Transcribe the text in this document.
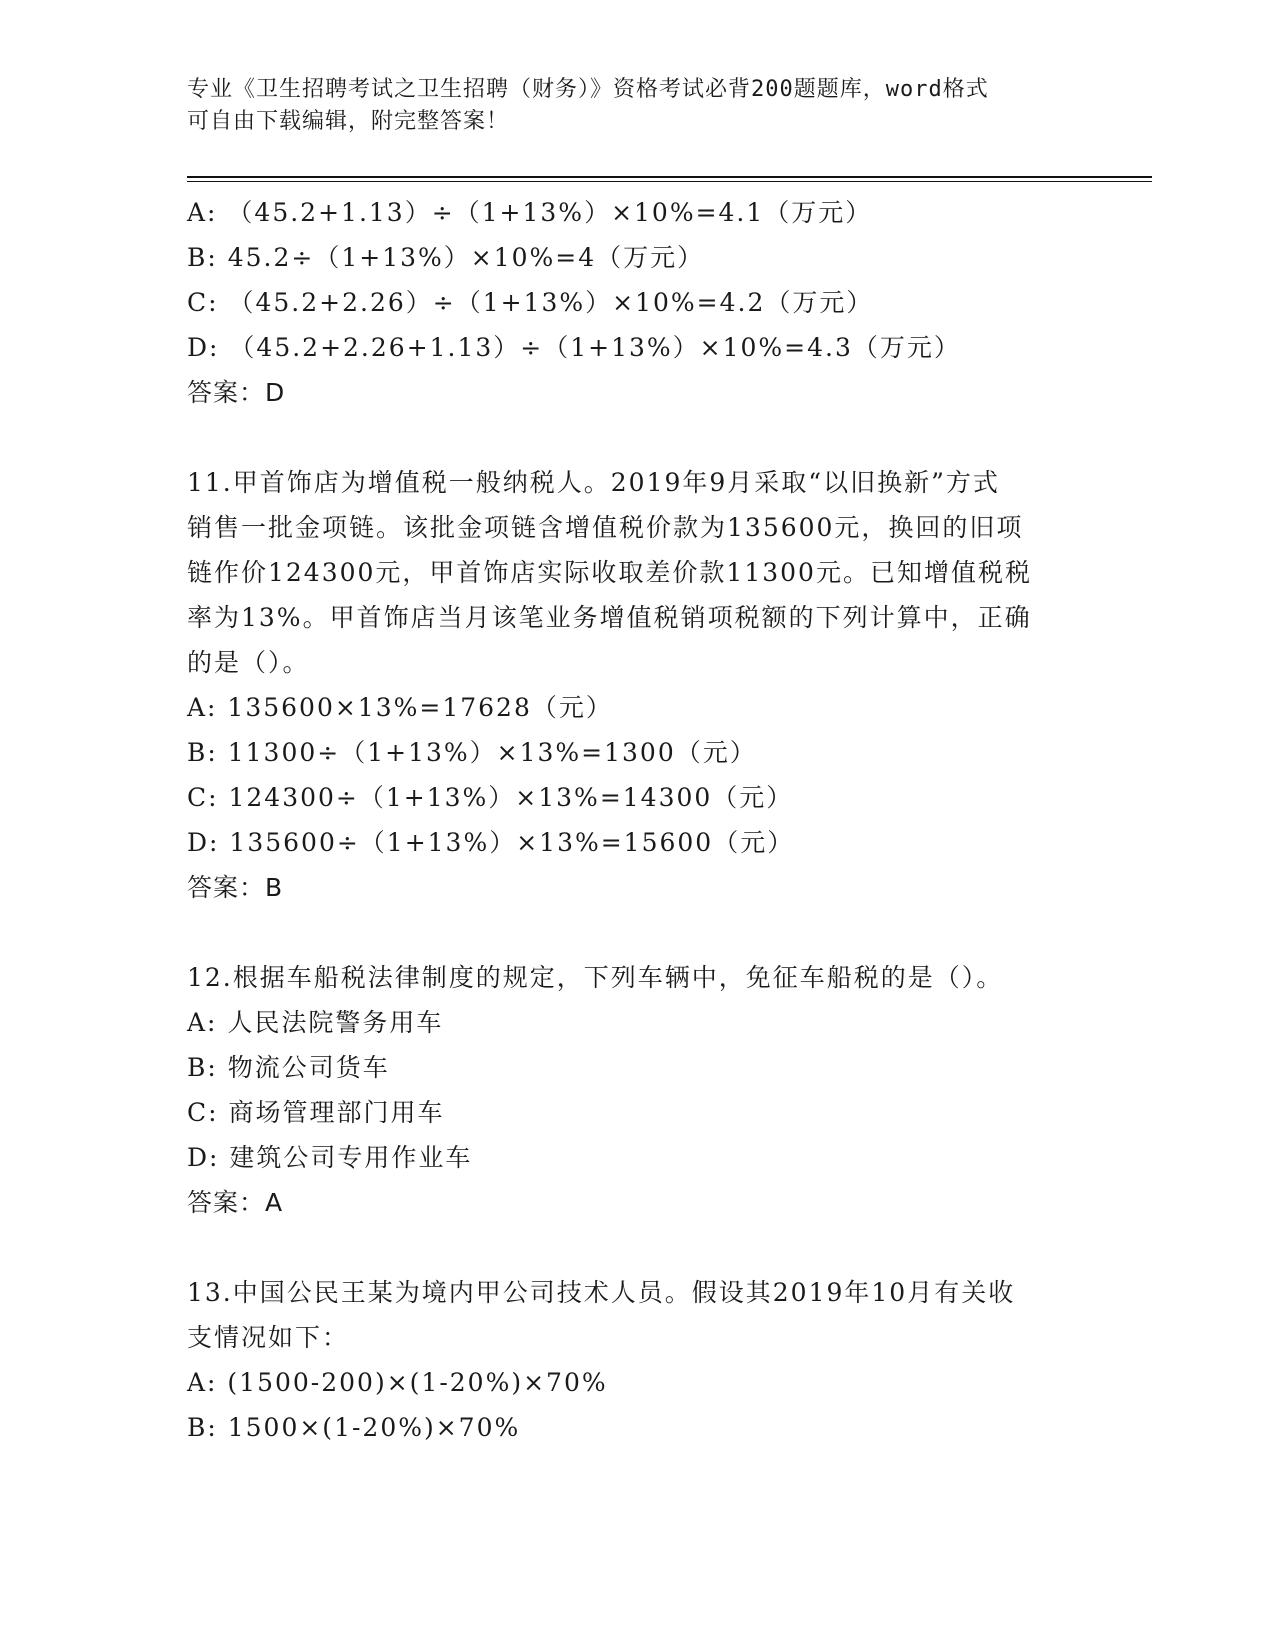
专业《卫生招聘考试之卫生招聘（财务）》资格考试必背200题题库，word格式
可自由下载编辑，附完整答案！
A: （45.2+1.13）÷（1+13%）×10%=4.1（万元）
B: 45.2÷（1+13%）×10%=4（万元）
C: （45.2+2.26）÷（1+13%）×10%=4.2（万元）
D: （45.2+2.26+1.13）÷（1+13%）×10%=4.3（万元）
答案：D
11.甲首饰店为增值税一般纳税人。2019年9月采取“以旧换新”方式
销售一批金项链。该批金项链含增值税价款为135600元，换回的旧项
链作价124300元，甲首饰店实际收取差价款11300元。已知增值税税
率为13%。甲首饰店当月该笔业务增值税销项税额的下列计算中，正确
的是（）。
A: 135600×13%=17628（元）
B: 11300÷（1+13%）×13%=1300（元）
C: 124300÷（1+13%）×13%=14300（元）
D: 135600÷（1+13%）×13%=15600（元）
答案：B
12.根据车船税法律制度的规定，下列车辆中，免征车船税的是（）。
A: 人民法院警务用车
B: 物流公司货车
C: 商场管理部门用车
D: 建筑公司专用作业车
答案：A
13.中国公民王某为境内甲公司技术人员。假设其2019年10月有关收
支情况如下：
A: (1500-200)×(1-20%)×70%
B: 1500×(1-20%)×70%
